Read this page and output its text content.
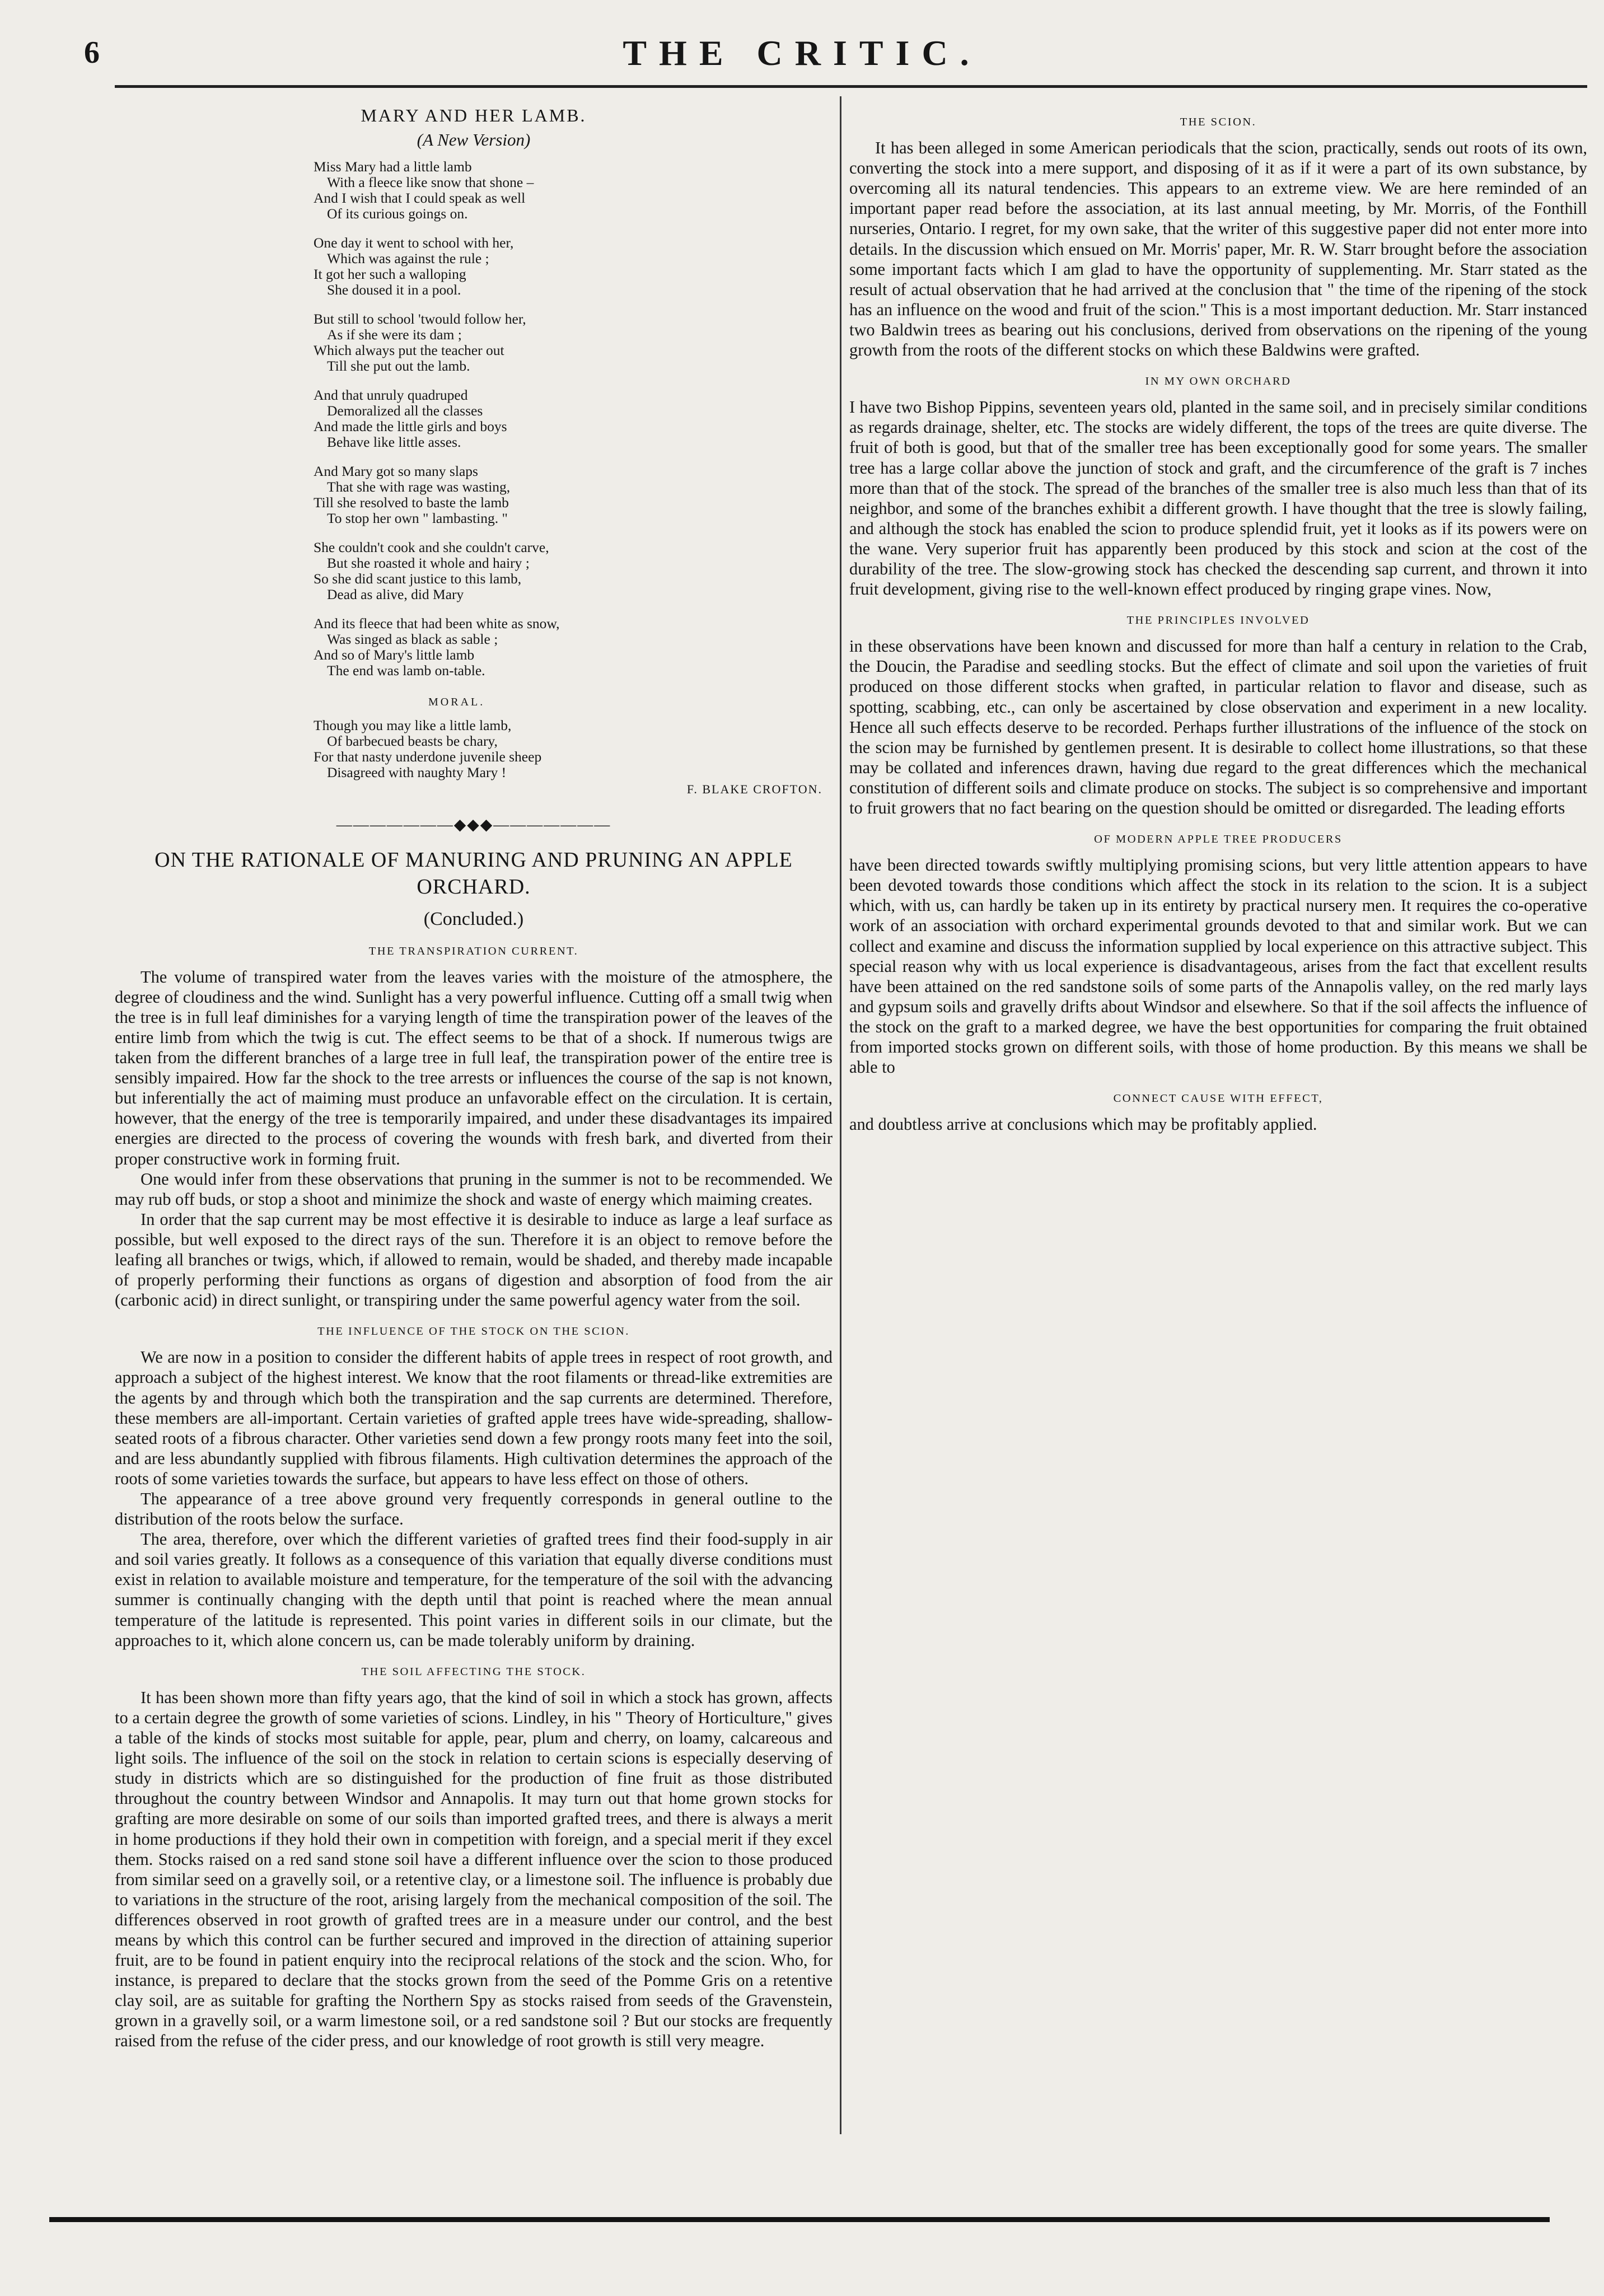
6	THE CRITIC.
MARY AND HER LAMB.
(A New Version)
Miss Mary had a little lamb
With a fleece like snow that shone –
And I wish that I could speak as well
Of its curious goings on.
One day it went to school with her,
Which was against the rule ;
It got her such a walloping
She doused it in a pool.
But still to school 'twould follow her,
As if she were its dam ;
Which always put the teacher out
Till she put out the lamb.
And that unruly quadruped
Demoralized all the classes
And made the little girls and boys
Behave like little asses.
And Mary got so many slaps
That she with rage was wasting,
Till she resolved to baste the lamb
To stop her own " lambasting. "
She couldn't cook and she couldn't carve,
But she roasted it whole and hairy ;
So she did scant justice to this lamb,
Dead as alive, did Mary
And its fleece that had been white as snow,
Was singed as black as sable ;
And so of Mary's little lamb
The end was lamb on-table.
MORAL.
Though you may like a little lamb,
Of barbecued beasts be chary,
For that nasty underdone juvenile sheep
Disagreed with naughty Mary !
F. BLAKE CROFTON.
———————◆◆◆———————
ON THE RATIONALE OF MANURING AND PRUNING AN APPLE ORCHARD.
(Concluded.)
THE TRANSPIRATION CURRENT.

The volume of transpired water from the leaves varies with the moisture of the atmosphere, the degree of cloudiness and the wind. Sunlight has a very powerful influence. Cutting off a small twig when the tree is in full leaf diminishes for a varying length of time the transpiration power of the leaves of the entire limb from which the twig is cut. The effect seems to be that of a shock. If numerous twigs are taken from the different branches of a large tree in full leaf, the transpiration power of the entire tree is sensibly impaired. How far the shock to the tree arrests or influences the course of the sap is not known, but inferentially the act of maiming must produce an unfavorable effect on the circulation. It is certain, however, that the energy of the tree is temporarily impaired, and under these disadvantages its impaired energies are directed to the process of covering the wounds with fresh bark, and diverted from their proper constructive work in forming fruit.

One would infer from these observations that pruning in the summer is not to be recommended. We may rub off buds, or stop a shoot and minimize the shock and waste of energy which maiming creates.

In order that the sap current may be most effective it is desirable to induce as large a leaf surface as possible, but well exposed to the direct rays of the sun. Therefore it is an object to remove before the leafing all branches or twigs, which, if allowed to remain, would be shaded, and thereby made incapable of properly performing their functions as organs of digestion and absorption of food from the air (carbonic acid) in direct sunlight, or transpiring under the same powerful agency water from the soil.

THE INFLUENCE OF THE STOCK ON THE SCION.

We are now in a position to consider the different habits of apple trees in respect of root growth, and approach a subject of the highest interest. We know that the root filaments or thread-like extremities are the agents by and through which both the transpiration and the sap currents are determined. Therefore, these members are all-important. Certain varieties of grafted apple trees have wide-spreading, shallow-seated roots of a fibrous character. Other varieties send down a few prongy roots many feet into the soil, and are less abundantly supplied with fibrous filaments. High cultivation determines the approach of the roots of some varieties towards the surface, but appears to have less effect on those of others.

The appearance of a tree above ground very frequently corresponds in general outline to the distribution of the roots below the surface.

The area, therefore, over which the different varieties of grafted trees find their food-supply in air and soil varies greatly. It follows as a consequence of this variation that equally diverse conditions must exist in relation to available moisture and temperature, for the temperature of the soil with the advancing summer is continually changing with the depth until that point is reached where the mean annual temperature of the latitude is represented. This point varies in different soils in our climate, but the approaches to it, which alone concern us, can be made tolerably uniform by draining.

THE SOIL AFFECTING THE STOCK.

It has been shown more than fifty years ago, that the kind of soil in which a stock has grown, affects to a certain degree the growth of some varieties of scions. Lindley, in his " Theory of Horticulture," gives a table of the kinds of stocks most suitable for apple, pear, plum and cherry, on loamy, calcareous and light soils. The influence of the soil on the stock in relation to certain scions is especially deserving of study in districts which are so distinguished for the production of fine fruit as those distributed throughout the country between Windsor and Annapolis. It may turn out that home grown stocks for grafting are more desirable on some of our soils than imported grafted trees, and there is always a merit in home productions if they hold their own in competition with foreign, and a special merit if they excel them. Stocks raised on a red sand stone soil have a different influence over the scion to those produced from similar seed on a gravelly soil, or a retentive clay, or a limestone soil. The influence is probably due to variations in the structure of the root, arising largely from the mechanical composition of the soil. The differences observed in root growth of grafted trees are in a measure under our control, and the best means by which this control can be further secured and improved in the direction of attaining superior fruit, are to be found in patient enquiry into the reciprocal relations of the stock and the scion. Who, for instance, is prepared to declare that the stocks grown from the seed of the Pomme Gris on a retentive clay soil, are as suitable for grafting the Northern Spy as stocks raised from seeds of the Gravenstein, grown in a gravelly soil, or a warm limestone soil, or a red sandstone soil ? But our stocks are frequently raised from the refuse of the cider press, and our knowledge of root growth is still very meagre.

THE SCION.

It has been alleged in some American periodicals that the scion, practically, sends out roots of its own, converting the stock into a mere support, and disposing of it as if it were a part of its own substance, by overcoming all its natural tendencies. This appears to an extreme view. We are here reminded of an important paper read before the association, at its last annual meeting, by Mr. Morris, of the Fonthill nurseries, Ontario. I regret, for my own sake, that the writer of this suggestive paper did not enter more into details. In the discussion which ensued on Mr. Morris' paper, Mr. R. W. Starr brought before the association some important facts which I am glad to have the opportunity of supplementing. Mr. Starr stated as the result of actual observation that he had arrived at the conclusion that " the time of the ripening of the stock has an influence on the wood and fruit of the scion." This is a most important deduction. Mr. Starr instanced two Baldwin trees as bearing out his conclusions, derived from observations on the ripening of the young growth from the roots of the different stocks on which these Baldwins were grafted.

IN MY OWN ORCHARD

I have two Bishop Pippins, seventeen years old, planted in the same soil, and in precisely similar conditions as regards drainage, shelter, etc. The stocks are widely different, the tops of the trees are quite diverse. The fruit of both is good, but that of the smaller tree has been exceptionally good for some years. The smaller tree has a large collar above the junction of stock and graft, and the circumference of the graft is 7 inches more than that of the stock. The spread of the branches of the smaller tree is also much less than that of its neighbor, and some of the branches exhibit a different growth. I have thought that the tree is slowly failing, and although the stock has enabled the scion to produce splendid fruit, yet it looks as if its powers were on the wane. Very superior fruit has apparently been produced by this stock and scion at the cost of the durability of the tree. The slow-growing stock has checked the descending sap current, and thrown it into fruit development, giving rise to the well-known effect produced by ringing grape vines. Now,

THE PRINCIPLES INVOLVED

in these observations have been known and discussed for more than half a century in relation to the Crab, the Doucin, the Paradise and seedling stocks. But the effect of climate and soil upon the varieties of fruit produced on those different stocks when grafted, in particular relation to flavor and disease, such as spotting, scabbing, etc., can only be ascertained by close observation and experiment in a new locality. Hence all such effects deserve to be recorded. Perhaps further illustrations of the influence of the stock on the scion may be furnished by gentlemen present. It is desirable to collect home illustrations, so that these may be collated and inferences drawn, having due regard to the great differences which the mechanical constitution of different soils and climate produce on stocks. The subject is so comprehensive and important to fruit growers that no fact bearing on the question should be omitted or disregarded. The leading efforts

OF MODERN APPLE TREE PRODUCERS

have been directed towards swiftly multiplying promising scions, but very little attention appears to have been devoted towards those conditions which affect the stock in its relation to the scion. It is a subject which, with us, can hardly be taken up in its entirety by practical nursery men. It requires the co-operative work of an association with orchard experimental grounds devoted to that and similar work. But we can collect and examine and discuss the information supplied by local experience on this attractive subject. This special reason why with us local experience is disadvantageous, arises from the fact that excellent results have been attained on the red sandstone soils of some parts of the Annapolis valley, on the red marly lays and gypsum soils and gravelly drifts about Windsor and elsewhere. So that if the soil affects the influence of the stock on the graft to a marked degree, we have the best opportunities for comparing the fruit obtained from imported stocks grown on different soils, with those of home production. By this means we shall be able to

CONNECT CAUSE WITH EFFECT,

and doubtless arrive at conclusions which may be profitably applied.
